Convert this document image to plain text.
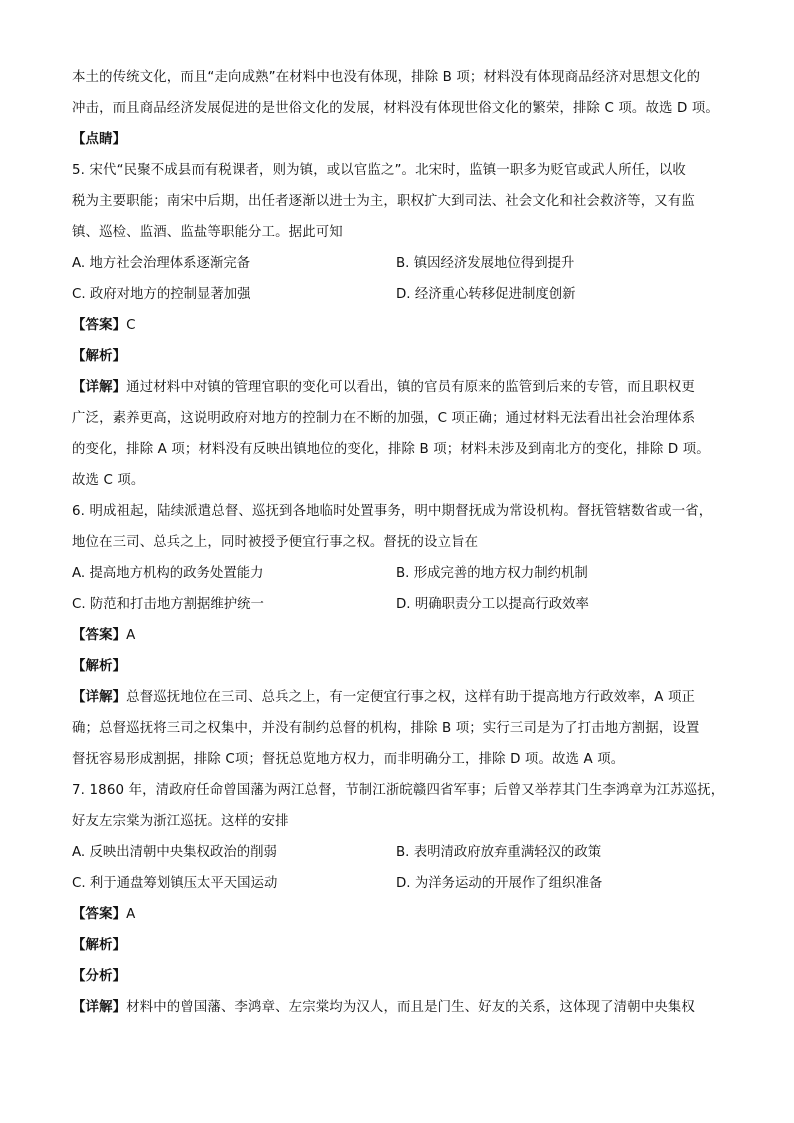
本土的传统文化，而且“走向成熟”在材料中也没有体现，排除 B 项；材料没有体现商品经济对思想文化的
冲击，而且商品经济发展促进的是世俗文化的发展，材料没有体现世俗文化的繁荣，排除 C 项。故选 D 项。
【点睛】
5. 宋代“民聚不成县而有税课者，则为镇，或以官监之”。北宋时，监镇一职多为贬官或武人所任，以收
税为主要职能；南宋中后期，出任者逐渐以进士为主，职权扩大到司法、社会文化和社会救济等，又有监
镇、巡检、监酒、监盐等职能分工。据此可知
A. 地方社会治理体系逐渐完备	B. 镇因经济发展地位得到提升
C. 政府对地方的控制显著加强	D. 经济重心转移促进制度创新
【答案】C
【解析】
【详解】通过材料中对镇的管理官职的变化可以看出，镇的官员有原来的监管到后来的专管，而且职权更
广泛，素养更高，这说明政府对地方的控制力在不断的加强，C 项正确；通过材料无法看出社会治理体系
的变化，排除 A 项；材料没有反映出镇地位的变化，排除 B 项；材料未涉及到南北方的变化，排除 D 项。
故选 C 项。
6. 明成祖起，陆续派遣总督、巡抚到各地临时处置事务，明中期督抚成为常设机构。督抚管辖数省或一省，
地位在三司、总兵之上，同时被授予便宜行事之权。督抚的设立旨在
A. 提高地方机构的政务处置能力	B. 形成完善的地方权力制约机制
C. 防范和打击地方割据维护统一	D. 明确职责分工以提高行政效率
【答案】A
【解析】
【详解】总督巡抚地位在三司、总兵之上，有一定便宜行事之权，这样有助于提高地方行政效率，A 项正
确；总督巡抚将三司之权集中，并没有制约总督的机构，排除 B 项；实行三司是为了打击地方割据，设置
督抚容易形成割据，排除 C项；督抚总览地方权力，而非明确分工，排除 D 项。故选 A 项。
7. 1860 年，清政府任命曾国藩为两江总督，节制江浙皖赣四省军事；后曾又举荐其门生李鸿章为江苏巡抚，
好友左宗棠为浙江巡抚。这样的安排
A. 反映出清朝中央集权政治的削弱	B. 表明清政府放弃重满轻汉的政策
C. 利于通盘筹划镇压太平天国运动	D. 为洋务运动的开展作了组织准备
【答案】A
【解析】
【分析】
【详解】材料中的曾国藩、李鸿章、左宗棠均为汉人，而且是门生、好友的关系，这体现了清朝中央集权
